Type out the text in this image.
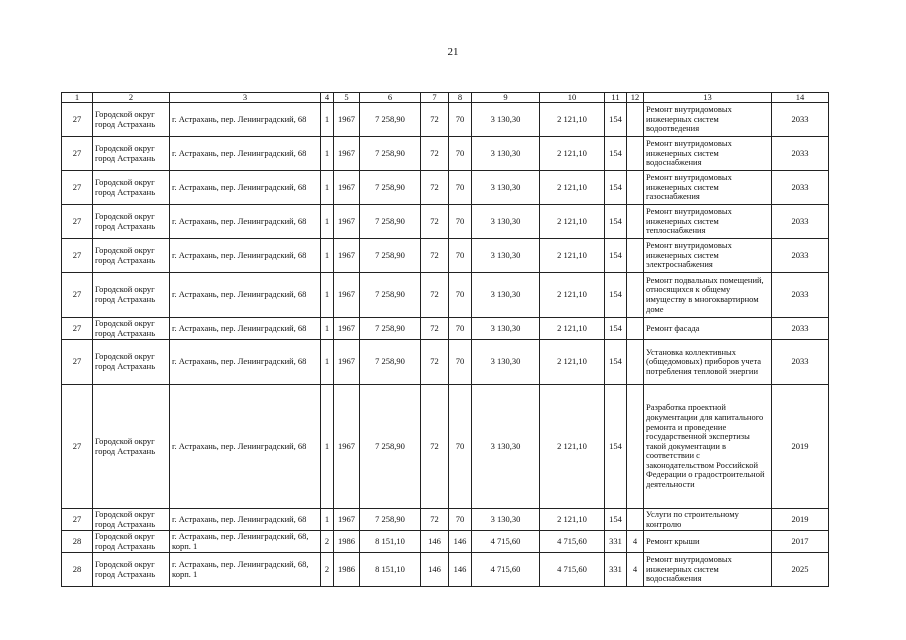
21
1	2	3	4	5	6	7	8	9	10	11	12	13	14
27	Городской округ город Астрахань	г. Астрахань, пер. Ленинградский, 68	1	1967	7 258,90	72	70	3 130,30	2 121,10	154		Ремонт внутридомовых инженерных систем водоотведения	2033
27	Городской округ город Астрахань	г. Астрахань, пер. Ленинградский, 68	1	1967	7 258,90	72	70	3 130,30	2 121,10	154		Ремонт внутридомовых инженерных систем водоснабжения	2033
27	Городской округ город Астрахань	г. Астрахань, пер. Ленинградский, 68	1	1967	7 258,90	72	70	3 130,30	2 121,10	154		Ремонт внутридомовых инженерных систем газоснабжения	2033
27	Городской округ город Астрахань	г. Астрахань, пер. Ленинградский, 68	1	1967	7 258,90	72	70	3 130,30	2 121,10	154		Ремонт внутридомовых инженерных систем теплоснабжения	2033
27	Городской округ город Астрахань	г. Астрахань, пер. Ленинградский, 68	1	1967	7 258,90	72	70	3 130,30	2 121,10	154		Ремонт внутридомовых инженерных систем электроснабжения	2033
27	Городской округ город Астрахань	г. Астрахань, пер. Ленинградский, 68	1	1967	7 258,90	72	70	3 130,30	2 121,10	154		Ремонт подвальных помещений, относящихся к общему имуществу в многоквартирном доме	2033
27	Городской округ город Астрахань	г. Астрахань, пер. Ленинградский, 68	1	1967	7 258,90	72	70	3 130,30	2 121,10	154		Ремонт фасада	2033
27	Городской округ город Астрахань	г. Астрахань, пер. Ленинградский, 68	1	1967	7 258,90	72	70	3 130,30	2 121,10	154		Установка коллективных (общедомовых) приборов учета потребления тепловой энергии	2033
27	Городской округ город Астрахань	г. Астрахань, пер. Ленинградский, 68	1	1967	7 258,90	72	70	3 130,30	2 121,10	154		Разработка проектной документации для капитального ремонта и проведение государственной экспертизы такой документации в соответствии с законодательством Российской Федерации о градостроительной деятельности	2019
27	Городской округ город Астрахань	г. Астрахань, пер. Ленинградский, 68	1	1967	7 258,90	72	70	3 130,30	2 121,10	154		Услуги по строительному контролю	2019
28	Городской округ город Астрахань	г. Астрахань, пер. Ленинградский, 68, корп. 1	2	1986	8 151,10	146	146	4 715,60	4 715,60	331	4	Ремонт крыши	2017
28	Городской округ город Астрахань	г. Астрахань, пер. Ленинградский, 68, корп. 1	2	1986	8 151,10	146	146	4 715,60	4 715,60	331	4	Ремонт внутридомовых инженерных систем водоснабжения	2025
